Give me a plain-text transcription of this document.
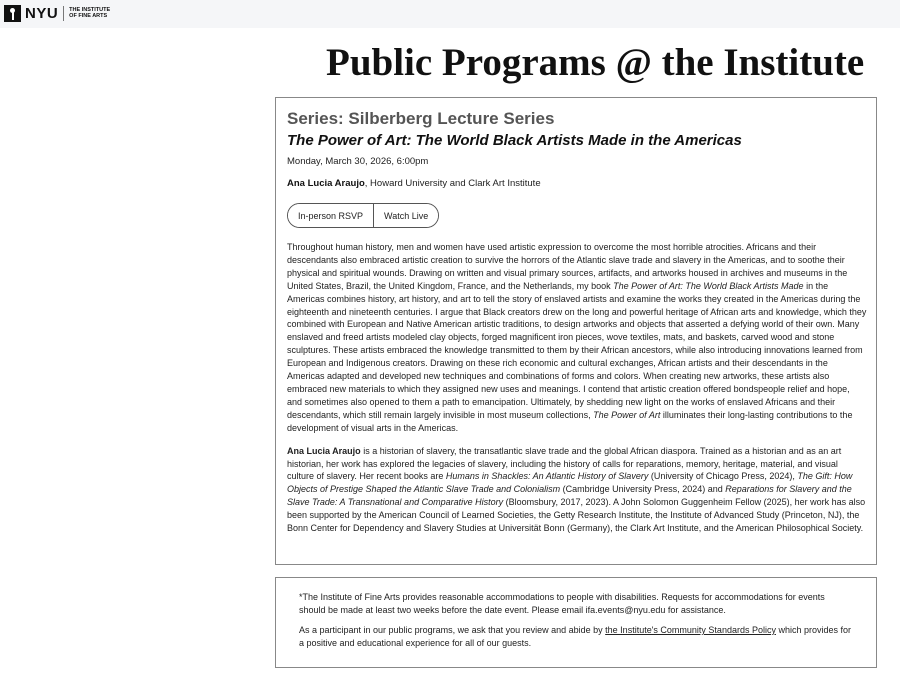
NYU THE INSTITUTE
OF FINE ARTS
Public Programs @ the Institute
Series: Silberberg Lecture Series
The Power of Art: The World Black Artists Made in the Americas
Monday, March 30, 2026, 6:00pm
Ana Lucia Araujo, Howard University and Clark Art Institute
In-person RSVP	Watch Live

Throughout human history, men and women have used artistic expression to overcome the most horrible atrocities. Africans and their descendants also embraced artistic creation to survive the horrors of the Atlantic slave trade and slavery in the Americas, and to soothe their physical and spiritual wounds. Drawing on written and visual primary sources, artifacts, and artworks housed in archives and museums in the United States, Brazil, the United Kingdom, France, and the Netherlands, my book The Power of Art: The World Black Artists Made in the Americas combines history, art history, and art to tell the story of enslaved artists and examine the works they created in the Americas during the eighteenth and nineteenth centuries. I argue that Black creators drew on the long and powerful heritage of African arts and knowledge, which they combined with European and Native American artistic traditions, to design artworks and objects that asserted a defying world of their own. Many enslaved and freed artists modeled clay objects, forged magnificent iron pieces, wove textiles, mats, and baskets, carved wood and stone sculptures. These artists embraced the knowledge transmitted to them by their African ancestors, while also introducing innovations learned from European and Indigenous creators. Drawing on these rich economic and cultural exchanges, African artists and their descendants in the Americas adapted and developed new techniques and combinations of forms and colors. When creating new artworks, these artists also embraced new materials to which they assigned new uses and meanings. I contend that artistic creation offered bondspeople relief and hope, and sometimes also opened to them a path to emancipation. Ultimately, by shedding new light on the works of enslaved Africans and their descendants, which still remain largely invisible in most museum collections, The Power of Art illuminates their long-lasting contributions to the development of visual arts in the Americas.

Ana Lucia Araujo is a historian of slavery, the transatlantic slave trade and the global African diaspora. Trained as a historian and as an art historian, her work has explored the legacies of slavery, including the history of calls for reparations, memory, heritage, material, and visual culture of slavery. Her recent books are Humans in Shackles: An Atlantic History of Slavery (University of Chicago Press, 2024), The Gift: How Objects of Prestige Shaped the Atlantic Slave Trade and Colonialism (Cambridge University Press, 2024) and Reparations for Slavery and the Slave Trade: A Transnational and Comparative History (Bloomsbury, 2017, 2023). A John Solomon Guggenheim Fellow (2025), her work has also been supported by the American Council of Learned Societies, the Getty Research Institute, the Institute of Advanced Study (Princeton, NJ), the Bonn Center for Dependency and Slavery Studies at Universität Bonn (Germany), the Clark Art Institute, and the American Philosophical Society.

*The Institute of Fine Arts provides reasonable accommodations to people with disabilities. Requests for accommodations for events should be made at least two weeks before the date event. Please email ifa.events@nyu.edu for assistance.

As a participant in our public programs, we ask that you review and abide by the Institute's Community Standards Policy which provides for a positive and educational experience for all of our guests.
